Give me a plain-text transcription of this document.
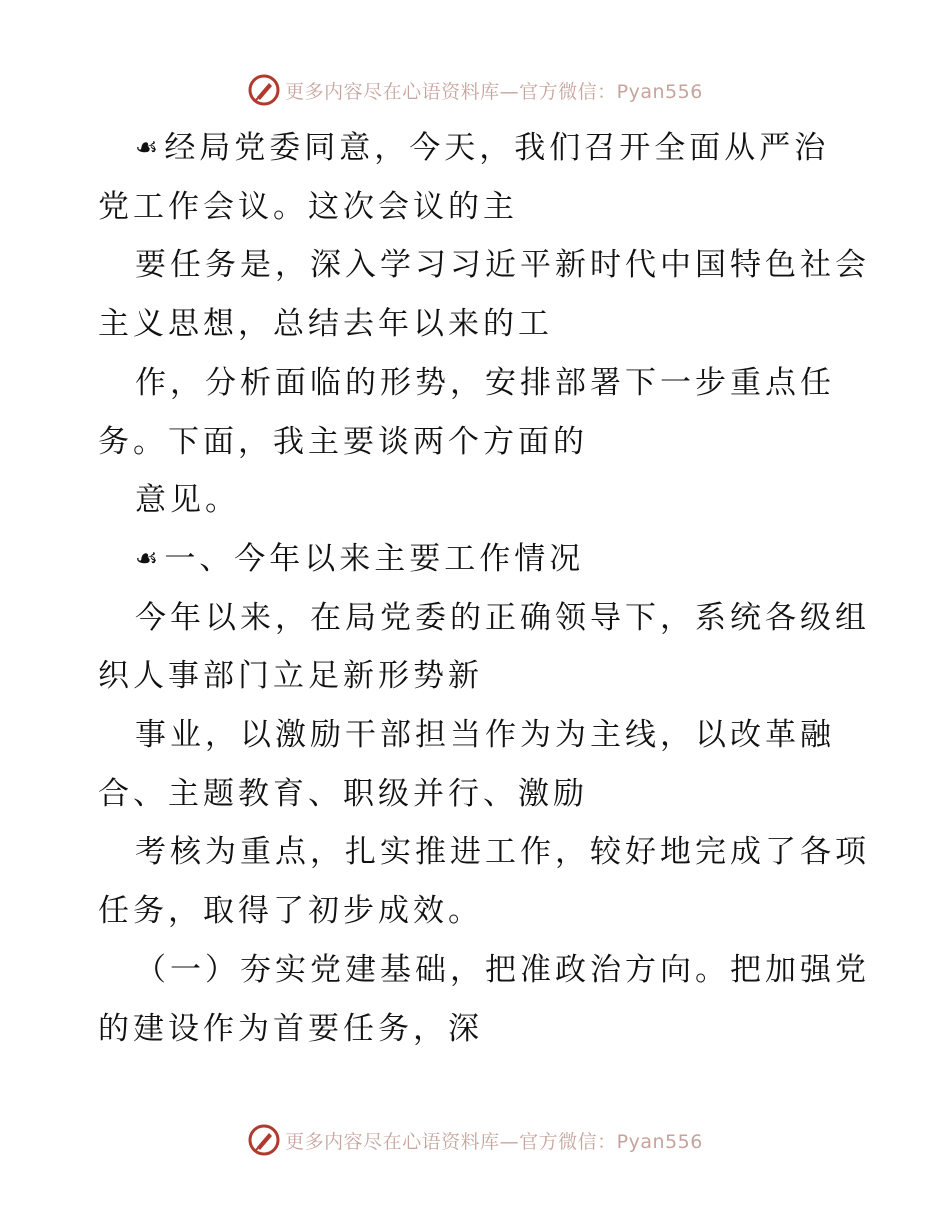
更多内容尽在心语资料库—官方微信：Pyan556
☙经局党委同意，今天，我们召开全面从严治
党工作会议。这次会议的主
要任务是，深入学习习近平新时代中国特色社会
主义思想，总结去年以来的工
作，分析面临的形势，安排部署下一步重点任
务。下面，我主要谈两个方面的
意见。
☙一、今年以来主要工作情况
今年以来，在局党委的正确领导下，系统各级组
织人事部门立足新形势新
事业，以激励干部担当作为为主线，以改革融
合、主题教育、职级并行、激励
考核为重点，扎实推进工作，较好地完成了各项
任务，取得了初步成效。
（一）夯实党建基础，把准政治方向。把加强党
的建设作为首要任务，深
更多内容尽在心语资料库—官方微信：Pyan556
